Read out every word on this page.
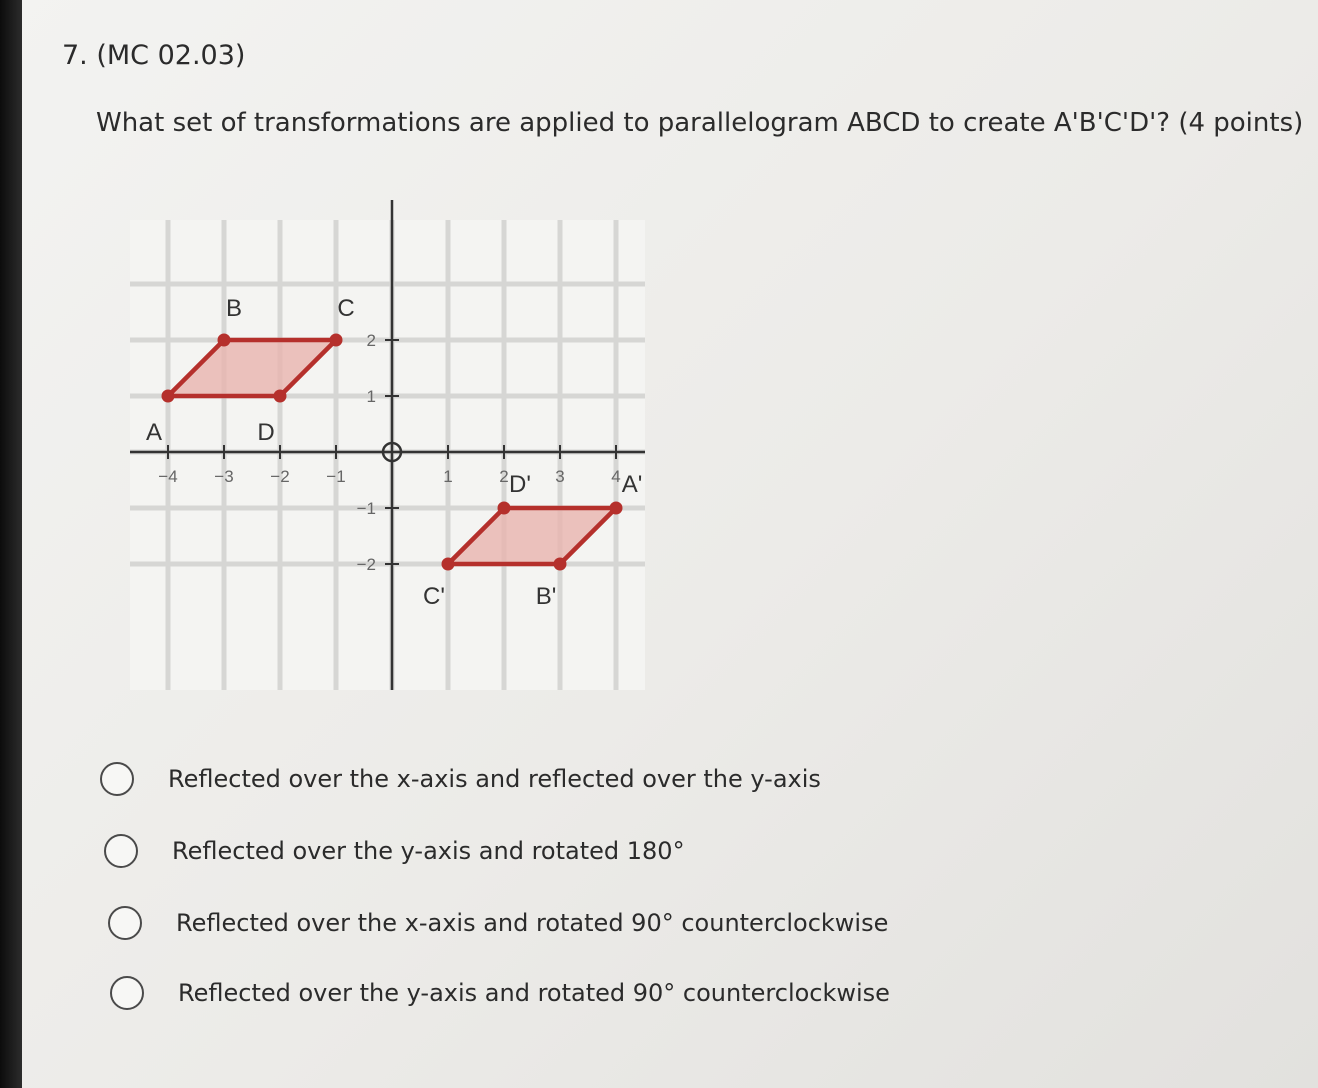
7. (MC 02.03)
What set of transformations are applied to parallelogram ABCD to create A'B'C'D'? (4 points)
−4 −3 −2 −1	1	2	3	4
2
1
−1
−2
A
B	C
D
A'
B'
C'
D'
Reflected over the x-axis and reflected over the y-axis
Reflected over the y-axis and rotated 180°
Reflected over the x-axis and rotated 90° counterclockwise
Reflected over the y-axis and rotated 90° counterclockwise
